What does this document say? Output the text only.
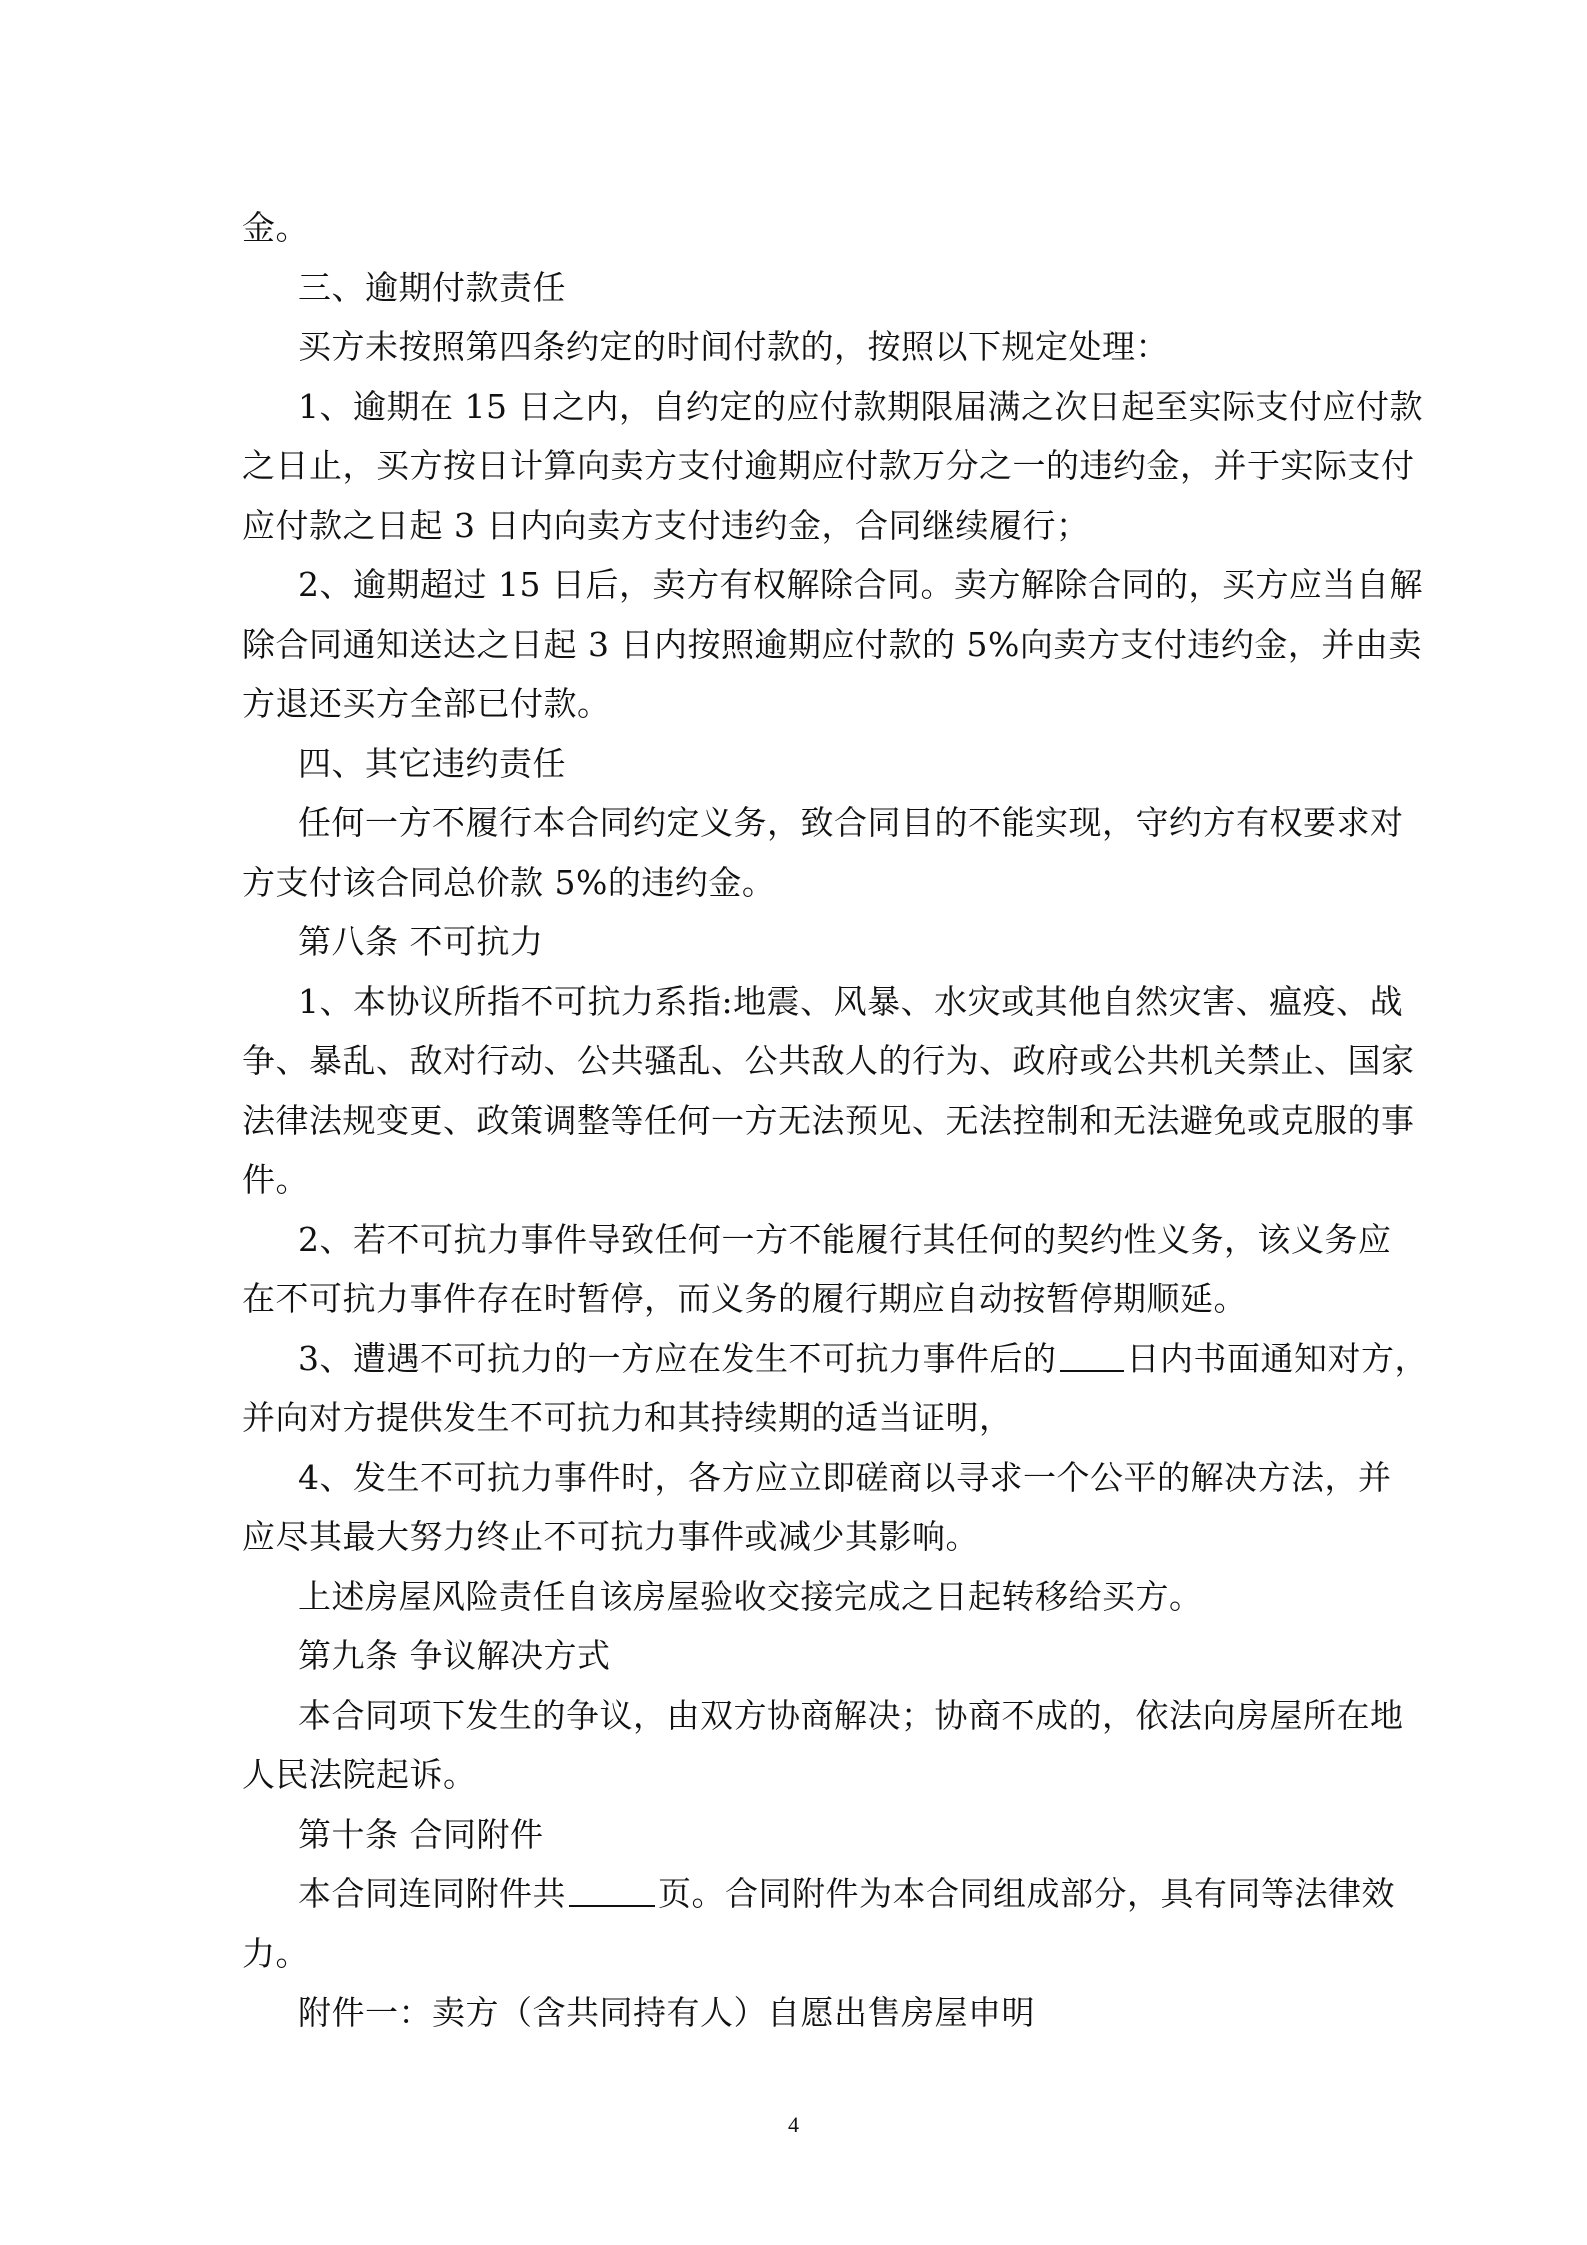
金。

三、逾期付款责任

买方未按照第四条约定的时间付款的，按照以下规定处理：

1、逾期在 15 日之内，自约定的应付款期限届满之次日起至实际支付应付款

之日止，买方按日计算向卖方支付逾期应付款万分之一的违约金，并于实际支付

应付款之日起 3 日内向卖方支付违约金，合同继续履行；

2、逾期超过 15 日后，卖方有权解除合同。卖方解除合同的，买方应当自解

除合同通知送达之日起 3 日内按照逾期应付款的 5%向卖方支付违约金，并由卖

方退还买方全部已付款。

四、其它违约责任

任何一方不履行本合同约定义务，致合同目的不能实现，守约方有权要求对

方支付该合同总价款 5%的违约金。

第八条 不可抗力

1、本协议所指不可抗力系指:地震、风暴、水灾或其他自然灾害、瘟疫、战

争、暴乱、敌对行动、公共骚乱、公共敌人的行为、政府或公共机关禁止、国家

法律法规变更、政策调整等任何一方无法预见、无法控制和无法避免或克服的事

件。

2、若不可抗力事件导致任何一方不能履行其任何的契约性义务，该义务应

在不可抗力事件存在时暂停，而义务的履行期应自动按暂停期顺延。

3、遭遇不可抗力的一方应在发生不可抗力事件后的 日内书面通知对方，

并向对方提供发生不可抗力和其持续期的适当证明，

4、发生不可抗力事件时，各方应立即磋商以寻求一个公平的解决方法，并

应尽其最大努力终止不可抗力事件或减少其影响。

上述房屋风险责任自该房屋验收交接完成之日起转移给买方。

第九条 争议解决方式

本合同项下发生的争议，由双方协商解决；协商不成的，依法向房屋所在地

人民法院起诉。

第十条 合同附件

本合同连同附件共	页。合同附件为本合同组成部分，具有同等法律效

力。

附件一：卖方（含共同持有人）自愿出售房屋申明

4
